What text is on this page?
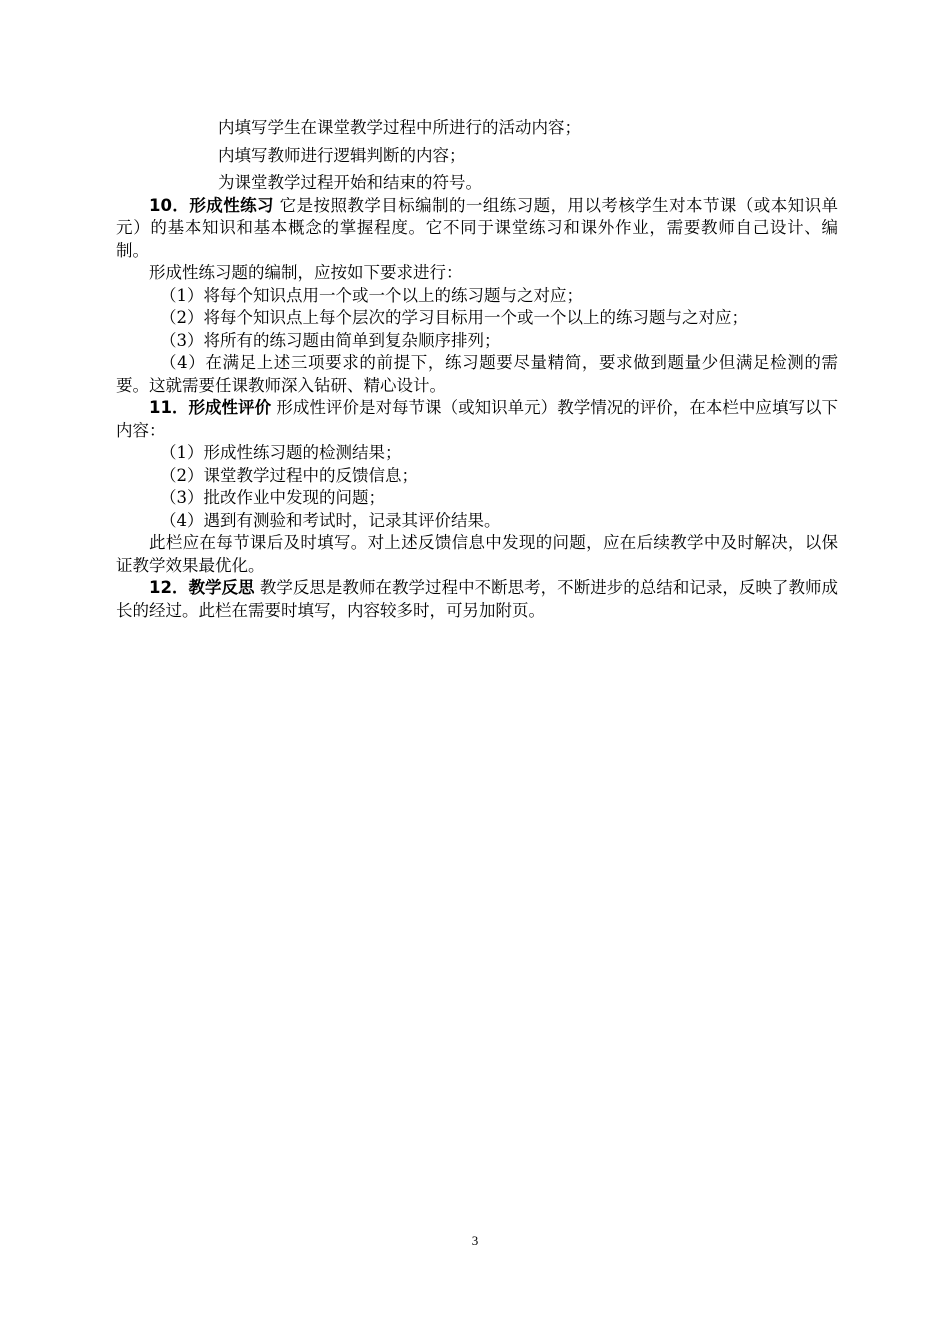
内填写学生在课堂教学过程中所进行的活动内容；

内填写教师进行逻辑判断的内容；

为课堂教学过程开始和结束的符号。

10．形成性练习 它是按照教学目标编制的一组练习题，用以考核学生对本节课（或本知识单元）的基本知识和基本概念的掌握程度。它不同于课堂练习和课外作业，需要教师自己设计、编制。

形成性练习题的编制，应按如下要求进行：

（1）将每个知识点用一个或一个以上的练习题与之对应；

（2）将每个知识点上每个层次的学习目标用一个或一个以上的练习题与之对应；

（3）将所有的练习题由简单到复杂顺序排列；

（4）在满足上述三项要求的前提下，练习题要尽量精简，要求做到题量少但满足检测的需要。这就需要任课教师深入钻研、精心设计。

11．形成性评价 形成性评价是对每节课（或知识单元）教学情况的评价，在本栏中应填写以下内容：

（1）形成性练习题的检测结果；

（2）课堂教学过程中的反馈信息；

（3）批改作业中发现的问题；

（4）遇到有测验和考试时，记录其评价结果。

此栏应在每节课后及时填写。对上述反馈信息中发现的问题，应在后续教学中及时解决，以保证教学效果最优化。

12．教学反思 教学反思是教师在教学过程中不断思考，不断进步的总结和记录，反映了教师成长的经过。此栏在需要时填写，内容较多时，可另加附页。

3
